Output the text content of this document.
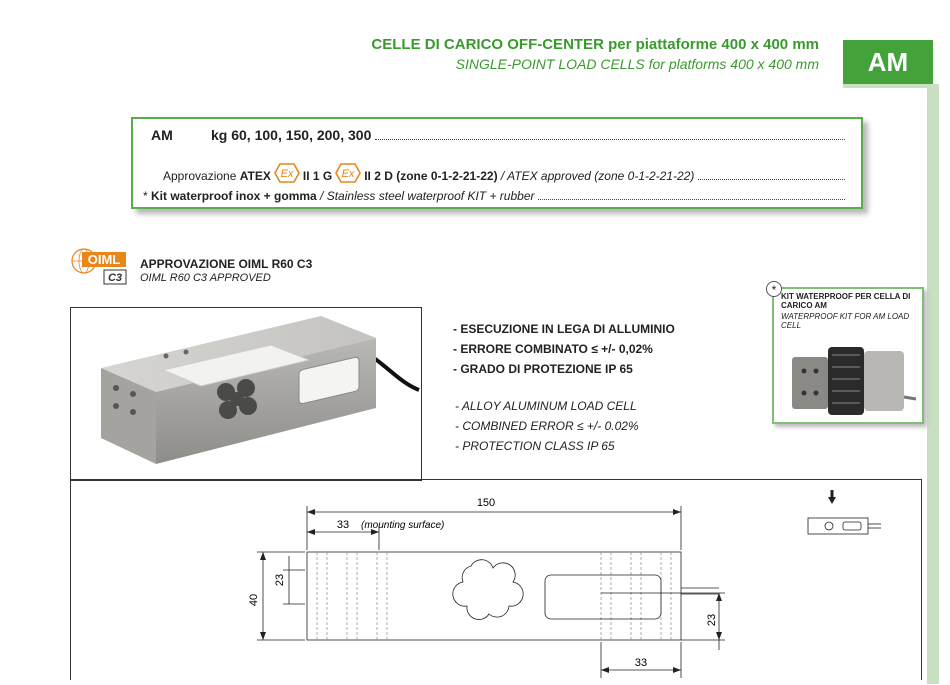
CELLE DI CARICO OFF-CENTER per piattaforme 400 x 400 mm
SINGLE-POINT LOAD CELLS for platforms 400 x 400 mm	AM
AM	kg 60, 100, 150, 200, 300
Approvazione
ATEX Ex II 1 G Ex II 2 D (zone 0-1-2-21-22)
/ ATEX approved (zone 0-1-2-21-22)
*
Kit waterproof inox + gomma
/ Stainless steel waterproof KIT + rubber
OIML
C3
APPROVAZIONE OIML R60 C3
OIML R60 C3 APPROVED
- ESECUZIONE IN LEGA DI ALLUMINIO
- ERRORE COMBINATO ≤ +/- 0,02%
- GRADO DI PROTEZIONE IP 65
- ALLOY ALUMINUM LOAD CELL
- COMBINED ERROR ≤ +/- 0.02%
- PROTECTION CLASS IP 65
* KIT WATERPROOF PER CELLA DI CARICO AM
WATERPROOF KIT FOR AM LOAD CELL
150
33 (mounting surface)
40
23
23
33
